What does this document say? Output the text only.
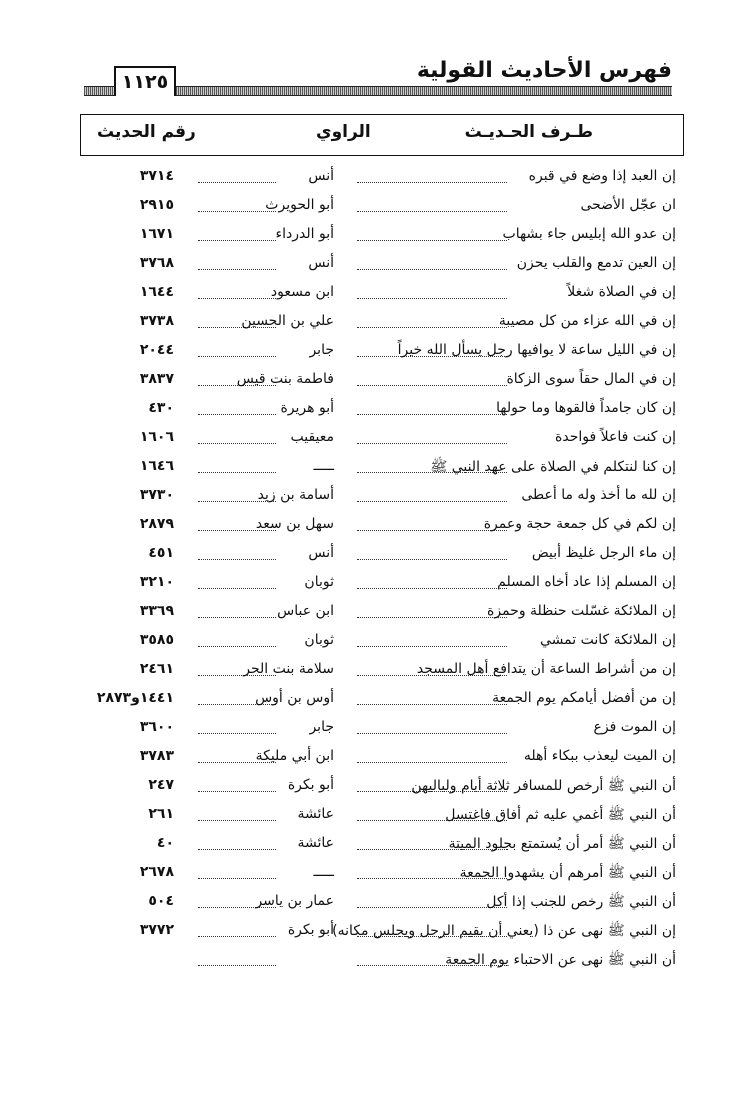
فهرس الأحاديث القولية
١١٢٥
طـرف الحـديـث
الراوي
رقم الحديث
إن العبد إذا وضع في قبره
أنس
٣٧١٤
ان عجّل الأضحى
أبو الحويرث
٢٩١٥
إن عدو الله إبليس جاء بشهاب
أبو الدرداء
١٦٧١
إن العين تدمع والقلب يحزن
أنس
٣٧٦٨
إن في الصلاة شغلاً
ابن مسعود
١٦٤٤
إن في الله عزاء من كل مصيبة
علي بن الحسين
٣٧٣٨
إن في الليل ساعة لا يوافيها رجل يسأل الله خيراً
جابر
٢٠٤٤
إن في المال حقاً سوى الزكاة
فاطمة بنت قيس
٣٨٣٧
إن كان جامداً فالقوها وما حولها
أبو هريرة
٤٣٠
إن كنت فاعلاً فواحدة
معيقيب
١٦٠٦
إن كنا لنتكلم في الصلاة على عهد النبي ﷺ
ـــــ
١٦٤٦
إن لله ما أخذ وله ما أعطى
أسامة بن زيد
٣٧٣٠
إن لكم في كل جمعة حجة وعمرة
سهل بن سعد
٢٨٧٩
إن ماء الرجل غليظ أبيض
أنس
٤٥١
إن المسلم إذا عاد أخاه المسلم
ثوبان
٣٢١٠
إن الملائكة غسّلت حنظلة وحمزة
ابن عباس
٣٣٦٩
إن الملائكة كانت تمشي
ثوبان
٣٥٨٥
إن من أشراط الساعة أن يتدافع أهل المسجد
سلامة بنت الحر
٢٤٦١
إن من أفضل أيامكم يوم الجمعة
أوس بن أوس
١٤٤١و٢٨٧٣
إن الموت فزع
جابر
٣٦٠٠
إن الميت ليعذب ببكاء أهله
ابن أبي مليكة
٣٧٨٣
أن النبي ﷺ أرخص للمسافر ثلاثة أيام ولياليهن
أبو بكرة
٢٤٧
أن النبي ﷺ أغمي عليه ثم أفاق فاغتسل
عائشة
٢٦١
أن النبي ﷺ أمر أن يُستمتع بجلود الميتة
عائشة
٤٠
أن النبي ﷺ أمرهم أن يشهدوا الجمعة
ـــــ
٢٦٧٨
أن النبي ﷺ رخص للجنب إذا أكل
عمار بن ياسر
٥٠٤
إن النبي ﷺ نهى عن ذا (يعني أن يقيم الرجل ويجلس مكانه)
أبو بكرة
٣٧٧٢
أن النبي ﷺ نهى عن الاحتباء يوم الجمعة
